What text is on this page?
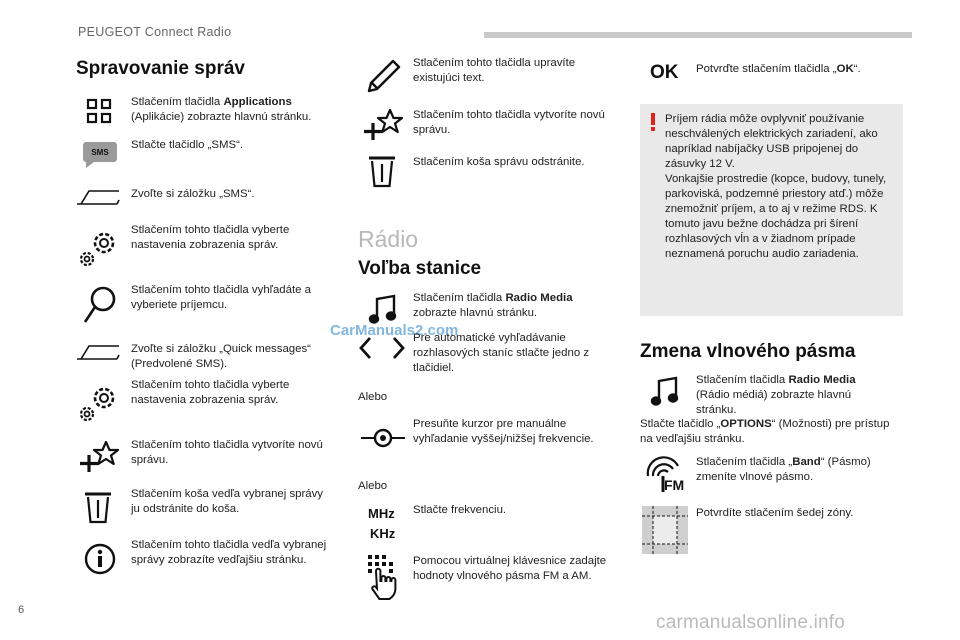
PEUGEOT Connect Radio
Spravovanie správ
Stlačením tlačidla Applications (Aplikácie) zobrazte hlavnú stránku.
SMS
Stlačte tlačidlo „SMS“.
Zvoľte si záložku „SMS“.
Stlačením tohto tlačidla vyberte nastavenia zobrazenia správ.
Stlačením tohto tlačidla vyhľadáte a vyberiete príjemcu.
Zvoľte si záložku „Quick messages“ (Predvolené SMS).
Stlačením tohto tlačidla vyberte nastavenia zobrazenia správ.
Stlačením tohto tlačidla vytvoríte novú správu.
Stlačením koša vedľa vybranej správy ju odstránite do koša.
Stlačením tohto tlačidla vedľa vybranej správy zobrazíte vedľajšiu stránku.
CarManuals2.com
Stlačením tohto tlačidla upravíte existujúci text.
Stlačením tohto tlačidla vytvoríte novú správu.
Stlačením koša správu odstránite.
Rádio
Voľba stanice
Stlačením tlačidla Radio Media zobrazte hlavnú stránku.
Pre automatické vyhľadávanie rozhlasových staníc stlačte jedno z tlačidiel.
Alebo
Presuňte kurzor pre manuálne vyhľadanie vyššej/nižšej frekvencie.
Alebo
MHz
KHz
Stlačte frekvenciu.
Pomocou virtuálnej klávesnice zadajte hodnoty vlnového pásma FM a AM.
OK Potvrďte stlačením tlačidla „OK“.
Príjem rádia môže ovplyvniť používanie neschválených elektrických zariadení, ako napríklad nabíjačky USB pripojenej do zásuvky 12 V.
Vonkajšie prostredie (kopce, budovy, tunely, parkoviská, podzemné priestory atď.) môže znemožniť príjem, a to aj v režime RDS. K tomuto javu bežne dochádza pri šírení rozhlasových vĺn a v žiadnom prípade neznamená poruchu audio zariadenia.
Zmena vlnového pásma
Stlačením tlačidla Radio Media (Rádio médiá) zobrazte hlavnú stránku.
Stlačte tlačidlo „OPTIONS“ (Možnosti) pre prístup na vedľajšiu stránku.
FM
Stlačením tlačidla „Band“ (Pásmo) zmeníte vlnové pásmo.
Potvrdíte stlačením šedej zóny.
6
carmanualsonline.info
